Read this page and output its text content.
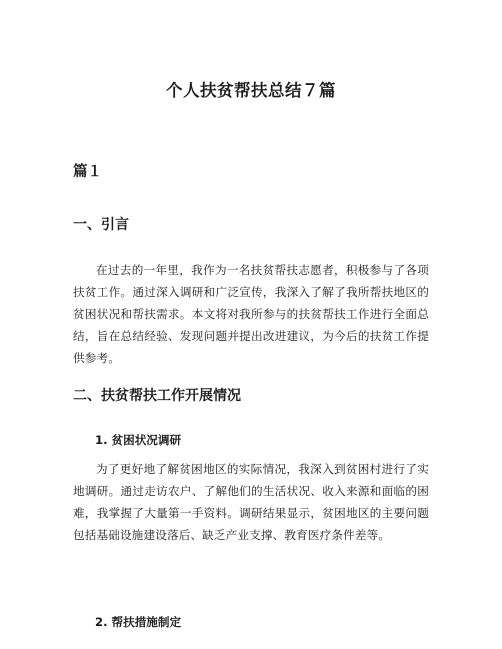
个人扶贫帮扶总结７篇
篇１
一、引言

在过去的一年里，我作为一名扶贫帮扶志愿者，积极参与了各项扶贫工作。通过深入调研和广泛宣传，我深入了解了我所帮扶地区的贫困状况和帮扶需求。本文将对我所参与的扶贫帮扶工作进行全面总结，旨在总结经验、发现问题并提出改进建议，为今后的扶贫工作提供参考。

二、扶贫帮扶工作开展情况
1. 贫困状况调研

为了更好地了解贫困地区的实际情况，我深入到贫困村进行了实地调研。通过走访农户、了解他们的生活状况、收入来源和面临的困难，我掌握了大量第一手资料。调研结果显示，贫困地区的主要问题包括基础设施建设落后、缺乏产业支撑、教育医疗条件差等。

2. 帮扶措施制定
